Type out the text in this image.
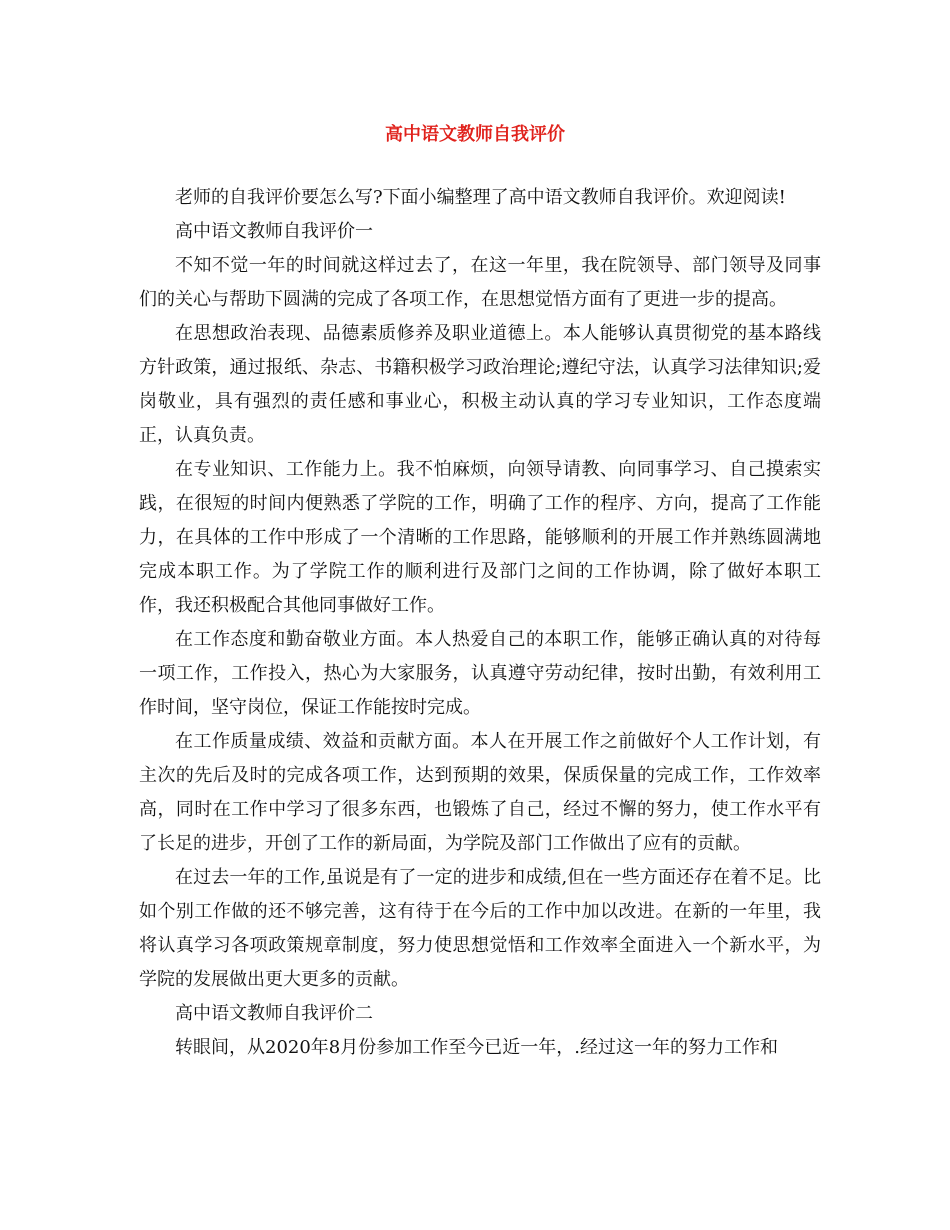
高中语文教师自我评价

老师的自我评价要怎么写?下面小编整理了高中语文教师自我评价。欢迎阅读!

高中语文教师自我评价一

不知不觉一年的时间就这样过去了，在这一年里，我在院领导、部门领导及同事们的关心与帮助下圆满的完成了各项工作，在思想觉悟方面有了更进一步的提高。

在思想政治表现、品德素质修养及职业道德上。本人能够认真贯彻党的基本路线方针政策，通过报纸、杂志、书籍积极学习政治理论;遵纪守法，认真学习法律知识;爱岗敬业，具有强烈的责任感和事业心，积极主动认真的学习专业知识，工作态度端正，认真负责。

在专业知识、工作能力上。我不怕麻烦，向领导请教、向同事学习、自己摸索实践，在很短的时间内便熟悉了学院的工作，明确了工作的程序、方向，提高了工作能力，在具体的工作中形成了一个清晰的工作思路，能够顺利的开展工作并熟练圆满地完成本职工作。为了学院工作的顺利进行及部门之间的工作协调，除了做好本职工作，我还积极配合其他同事做好工作。

在工作态度和勤奋敬业方面。本人热爱自己的本职工作，能够正确认真的对待每一项工作，工作投入，热心为大家服务，认真遵守劳动纪律，按时出勤，有效利用工作时间，坚守岗位，保证工作能按时完成。

在工作质量成绩、效益和贡献方面。本人在开展工作之前做好个人工作计划，有主次的先后及时的完成各项工作，达到预期的效果，保质保量的完成工作，工作效率高，同时在工作中学习了很多东西，也锻炼了自己，经过不懈的努力，使工作水平有了长足的进步，开创了工作的新局面，为学院及部门工作做出了应有的贡献。

在过去一年的工作,虽说是有了一定的进步和成绩,但在一些方面还存在着不足。比如个别工作做的还不够完善，这有待于在今后的工作中加以改进。在新的一年里，我将认真学习各项政策规章制度，努力使思想觉悟和工作效率全面进入一个新水平，为学院的发展做出更大更多的贡献。

高中语文教师自我评价二

转眼间，从2020年8月份参加工作至今已近一年，.经过这一年的努力工作和
